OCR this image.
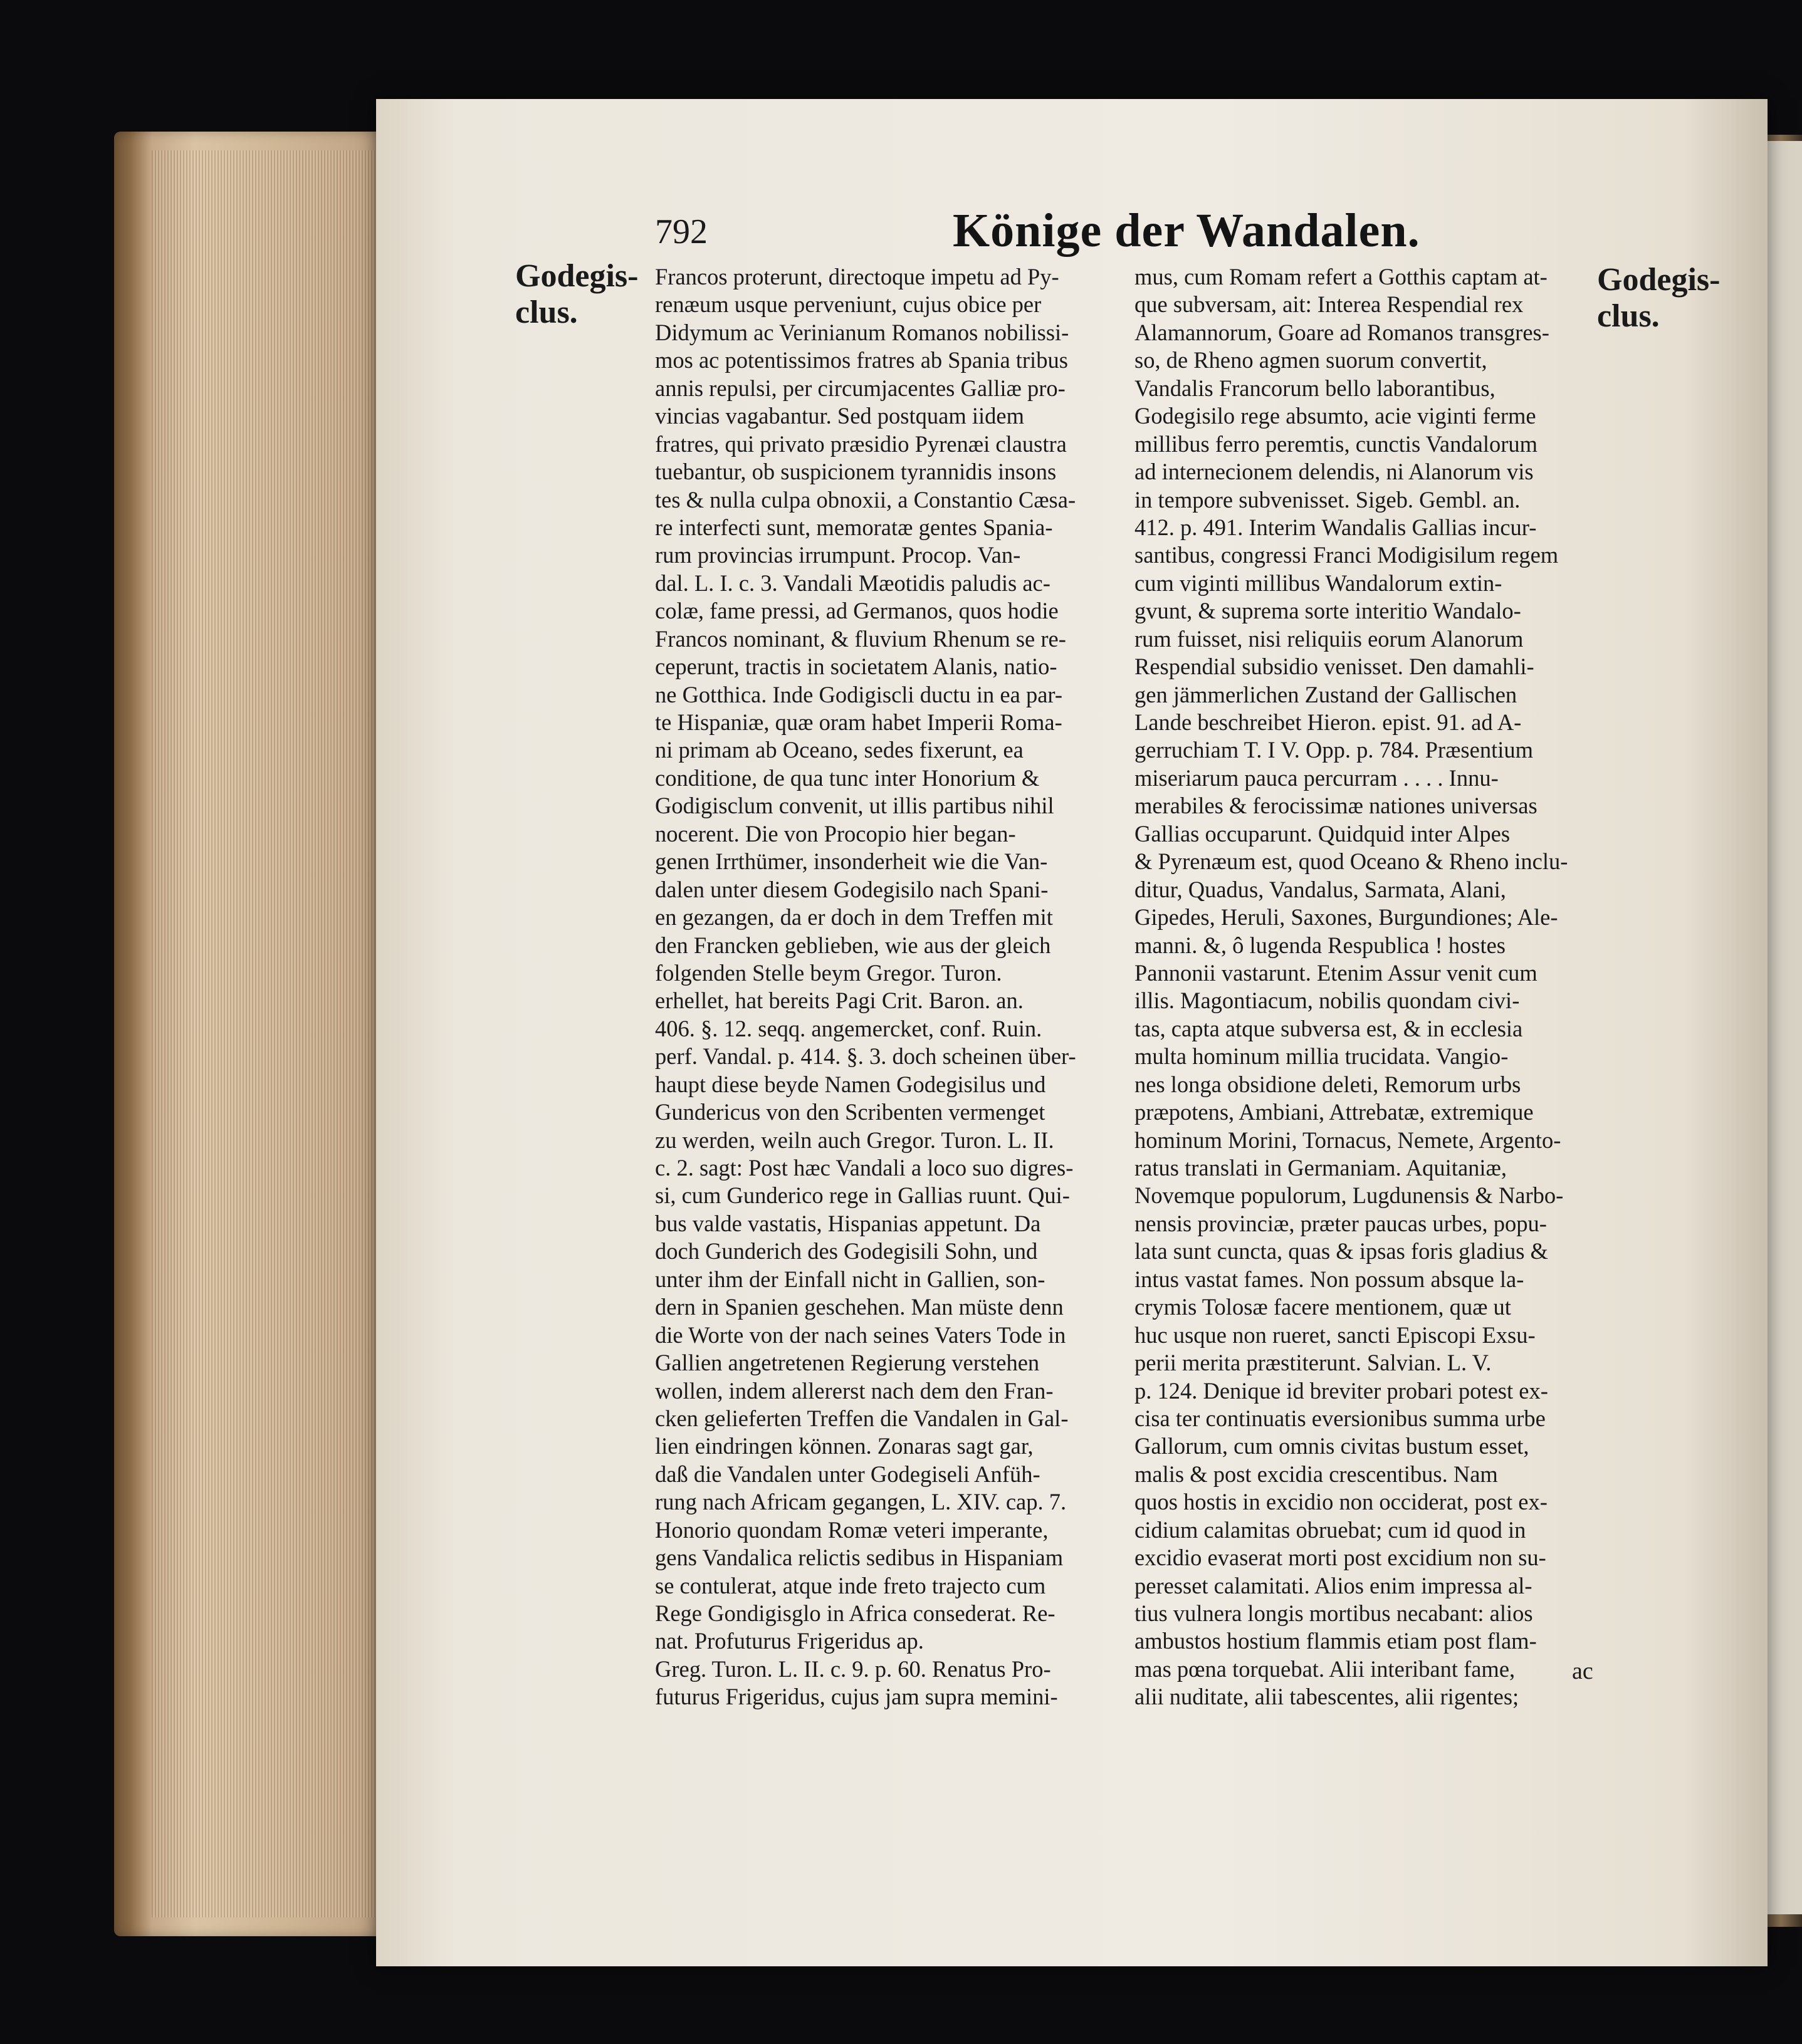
792	Könige der Wandalen.
Godegis-
clus.
Godegis-
clus.
Francos proterunt, directoque impetu ad Py-
renæum usque perveniunt, cujus obice per
Didymum ac Verinianum Romanos nobilissi-
mos ac potentissimos fratres ab Spania tribus
annis repulsi, per circumjacentes Galliæ pro-
vincias vagabantur. Sed postquam iidem
fratres, qui privato præsidio Pyrenæi claustra
tuebantur, ob suspicionem tyrannidis insons
tes & nulla culpa obnoxii, a Constantio Cæsa-
re interfecti sunt, memoratæ gentes Spania-
rum provincias irrumpunt. Procop. Van-
dal. L. I. c. 3. Vandali Mæotidis paludis ac-
colæ, fame pressi, ad Germanos, quos hodie
Francos nominant, & fluvium Rhenum se re-
ceperunt, tractis in societatem Alanis, natio-
ne Gotthica. Inde Godigiscli ductu in ea par-
te Hispaniæ, quæ oram habet Imperii Roma-
ni primam ab Oceano, sedes fixerunt, ea
conditione, de qua tunc inter Honorium &
Godigisclum convenit, ut illis partibus nihil
nocerent. Die von Procopio hier began-
genen Irrthümer, insonderheit wie die Van-
dalen unter diesem Godegisilo nach Spani-
en gezangen, da er doch in dem Treffen mit
den Francken geblieben, wie aus der gleich
folgenden Stelle beym Gregor. Turon.
erhellet, hat bereits Pagi Crit. Baron. an.
406. §. 12. seqq. angemercket, conf. Ruin.
perf. Vandal. p. 414. §. 3. doch scheinen über-
haupt diese beyde Namen Godegisilus und
Gundericus von den Scribenten vermenget
zu werden, weiln auch Gregor. Turon. L. II.
c. 2. sagt: Post hæc Vandali a loco suo digres-
si, cum Gunderico rege in Gallias ruunt. Qui-
bus valde vastatis, Hispanias appetunt. Da
doch Gunderich des Godegisili Sohn, und
unter ihm der Einfall nicht in Gallien, son-
dern in Spanien geschehen. Man müste denn
die Worte von der nach seines Vaters Tode in
Gallien angetretenen Regierung verstehen
wollen, indem allererst nach dem den Fran-
cken gelieferten Treffen die Vandalen in Gal-
lien eindringen können. Zonaras sagt gar,
daß die Vandalen unter Godegiseli Anfüh-
rung nach Africam gegangen, L. XIV. cap. 7.
Honorio quondam Romæ veteri imperante,
gens Vandalica relictis sedibus in Hispaniam
se contulerat, atque inde freto trajecto cum
Rege Gondigisglo in Africa consederat. Re-
nat. Profuturus Frigeridus ap.
Greg. Turon. L. II. c. 9. p. 60. Renatus Pro-
futurus Frigeridus, cujus jam supra memini-
mus, cum Romam refert a Gotthis captam at-
que subversam, ait: Interea Respendial rex
Alamannorum, Goare ad Romanos transgres-
so, de Rheno agmen suorum convertit,
Vandalis Francorum bello laborantibus,
Godegisilo rege absumto, acie viginti ferme
millibus ferro peremtis, cunctis Vandalorum
ad internecionem delendis, ni Alanorum vis
in tempore subvenisset. Sigeb. Gembl. an.
412. p. 491. Interim Wandalis Gallias incur-
santibus, congressi Franci Modigisilum regem
cum viginti millibus Wandalorum extin-
gvunt, & suprema sorte interitio Wandalo-
rum fuisset, nisi reliquiis eorum Alanorum
Respendial subsidio venisset. Den damahli-
gen jämmerlichen Zustand der Gallischen
Lande beschreibet Hieron. epist. 91. ad A-
gerruchiam T. I V. Opp. p. 784. Præsentium
miseriarum pauca percurram . . . . Innu-
merabiles & ferocissimæ nationes universas
Gallias occuparunt. Quidquid inter Alpes
& Pyrenæum est, quod Oceano & Rheno inclu-
ditur, Quadus, Vandalus, Sarmata, Alani,
Gipedes, Heruli, Saxones, Burgundiones; Ale-
manni. &, ô lugenda Respublica ! hostes
Pannonii vastarunt. Etenim Assur venit cum
illis. Magontiacum, nobilis quondam civi-
tas, capta atque subversa est, & in ecclesia
multa hominum millia trucidata. Vangio-
nes longa obsidione deleti, Remorum urbs
præpotens, Ambiani, Attrebatæ, extremique
hominum Morini, Tornacus, Nemete, Argento-
ratus translati in Germaniam. Aquitaniæ,
Novemque populorum, Lugdunensis & Narbo-
nensis provinciæ, præter paucas urbes, popu-
lata sunt cuncta, quas & ipsas foris gladius &
intus vastat fames. Non possum absque la-
crymis Tolosæ facere mentionem, quæ ut
huc usque non rueret, sancti Episcopi Exsu-
perii merita præstiterunt. Salvian. L. V.
p. 124. Denique id breviter probari potest ex-
cisa ter continuatis eversionibus summa urbe
Gallorum, cum omnis civitas bustum esset,
malis & post excidia crescentibus. Nam
quos hostis in excidio non occiderat, post ex-
cidium calamitas obruebat; cum id quod in
excidio evaserat morti post excidium non su-
peresset calamitati. Alios enim impressa al-
tius vulnera longis mortibus necabant: alios
ambustos hostium flammis etiam post flam-
mas pœna torquebat. Alii interibant fame,
alii nuditate, alii tabescentes, alii rigentes;
ac
